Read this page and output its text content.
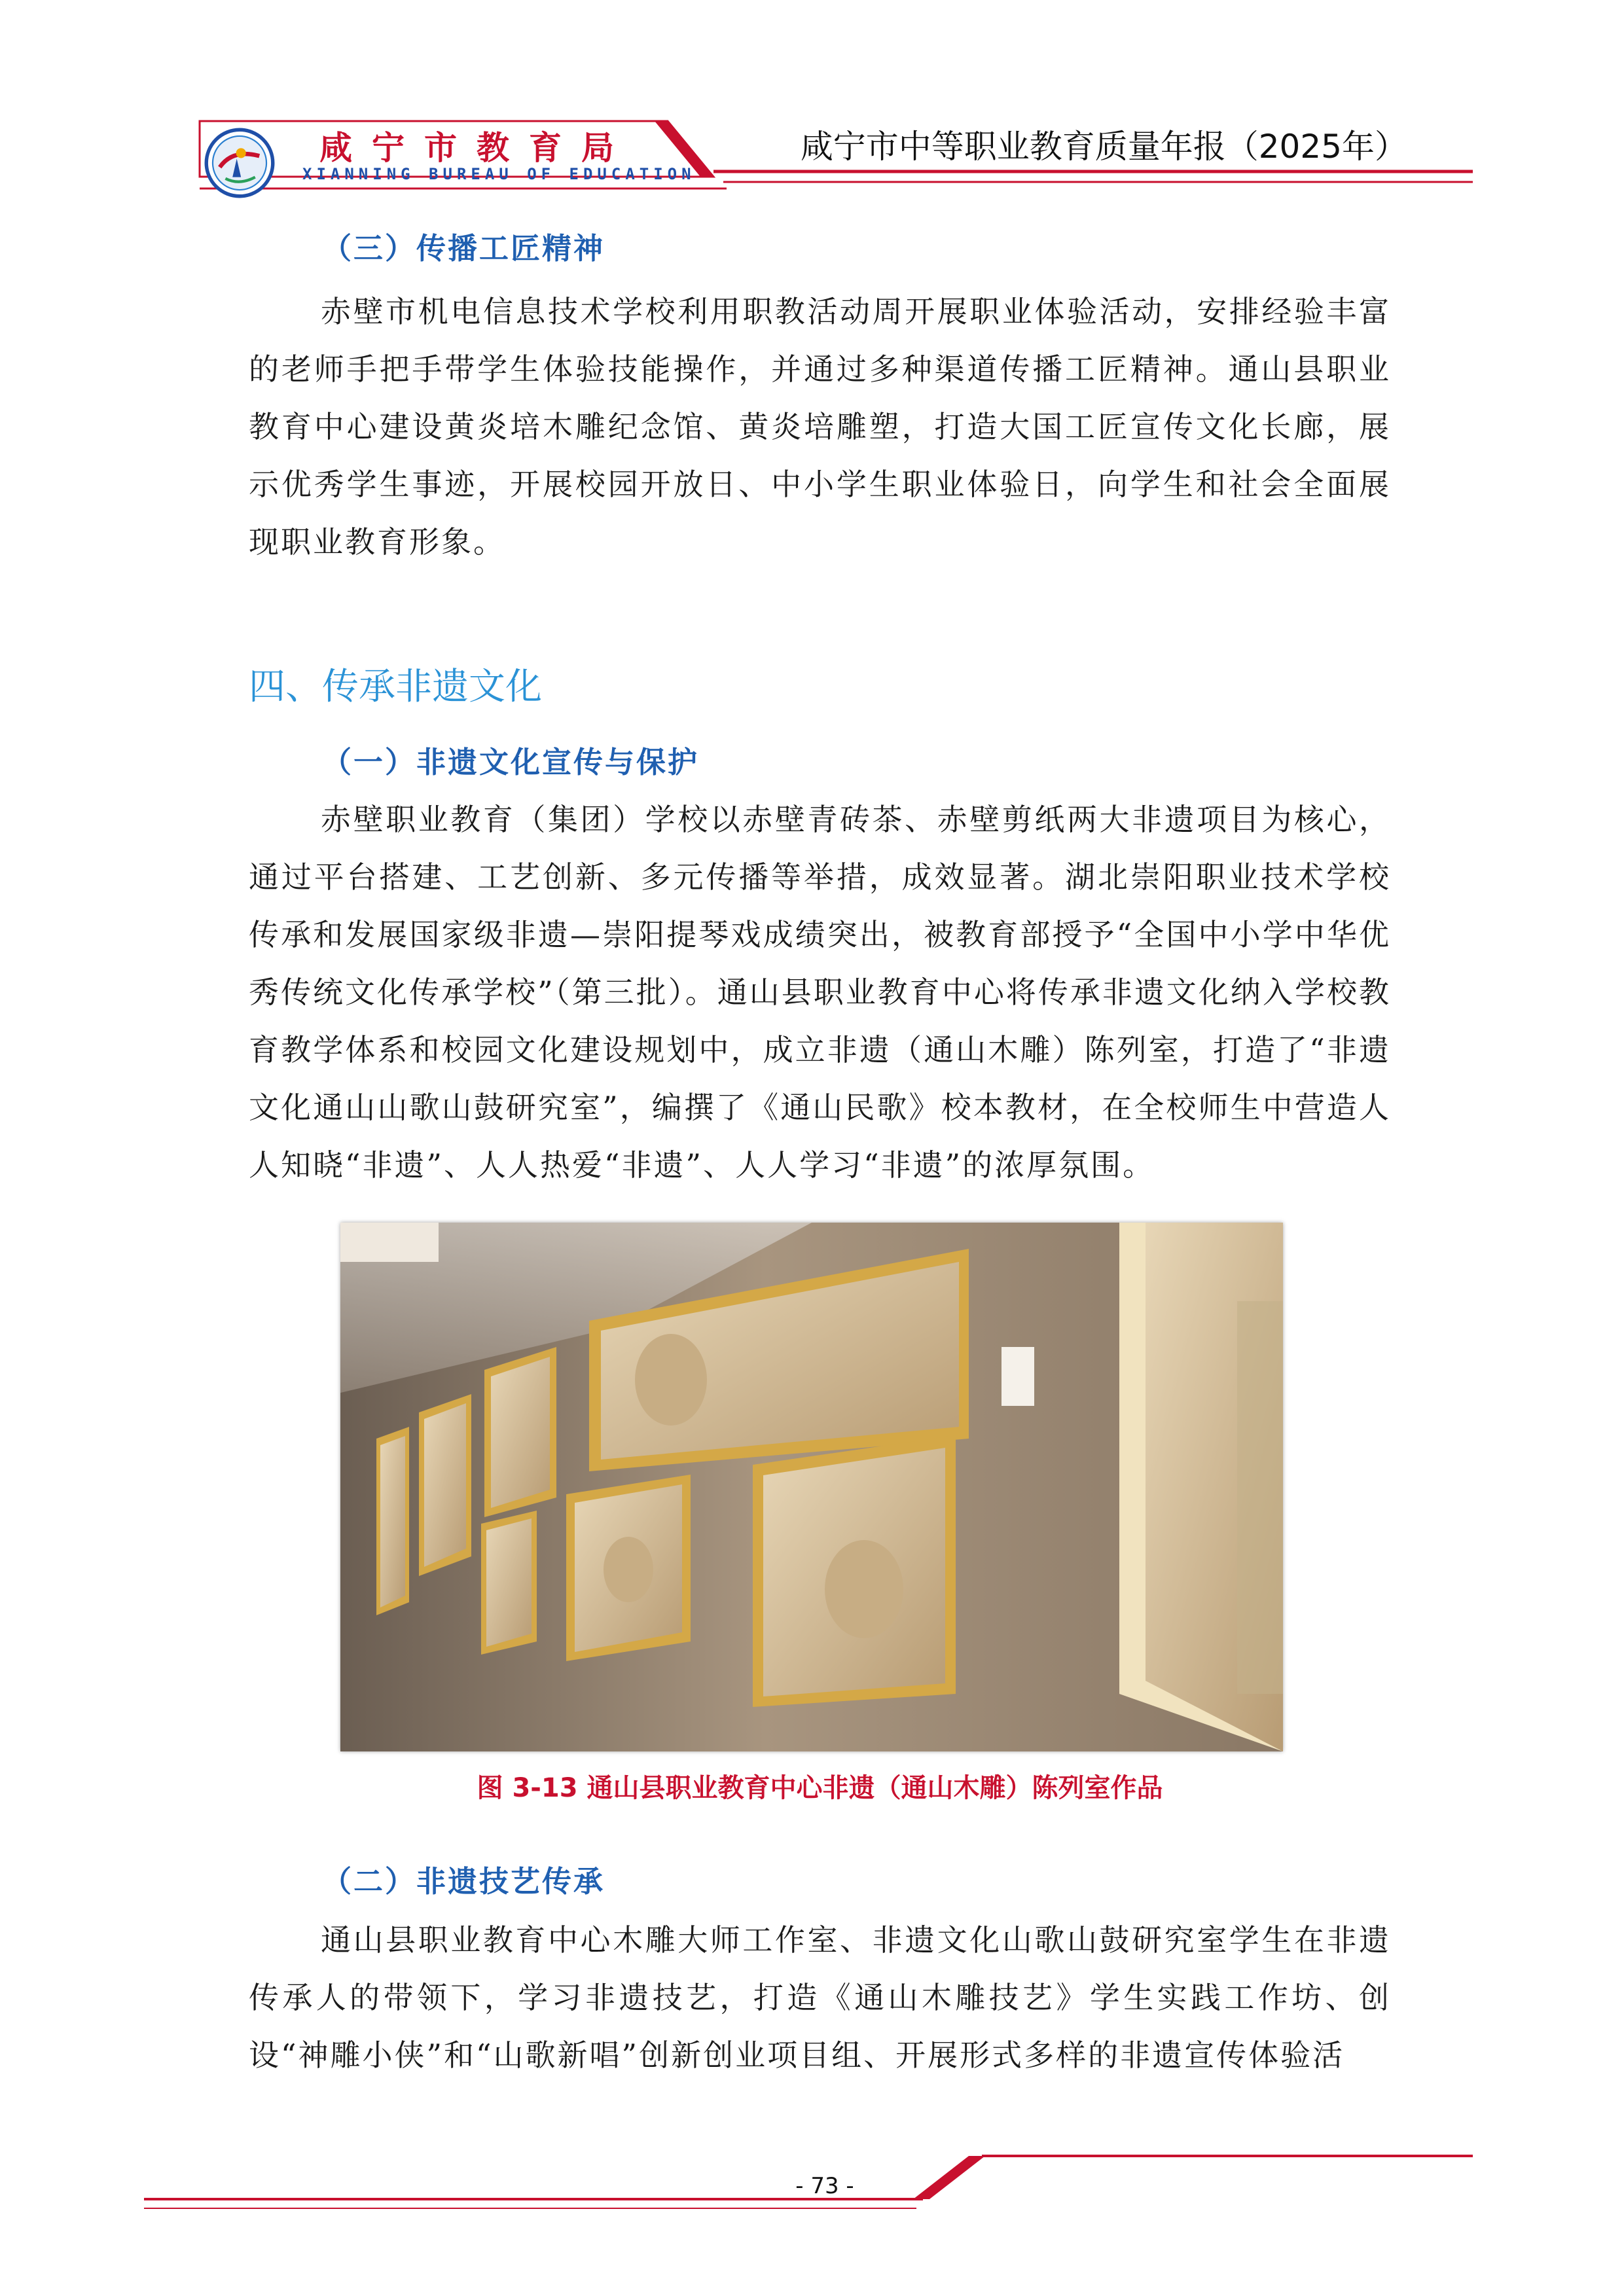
咸宁市教育局
XIANNING BUREAU OF EDUCATION
咸宁市中等职业教育质量年报（2025年）
（三）传播工匠精神

赤壁市机电信息技术学校利用职教活动周开展职业体验活动，安排经验丰富的老师手把手带学生体验技能操作，并通过多种渠道传播工匠精神。通山县职业教育中心建设黄炎培木雕纪念馆、黄炎培雕塑，打造大国工匠宣传文化长廊，展示优秀学生事迹，开展校园开放日、中小学生职业体验日，向学生和社会全面展现职业教育形象。

四、传承非遗文化
（一）非遗文化宣传与保护

赤壁职业教育（集团）学校以赤壁青砖茶、赤壁剪纸两大非遗项目为核心，通过平台搭建、工艺创新、多元传播等举措，成效显著。湖北崇阳职业技术学校传承和发展国家级非遗—崇阳提琴戏成绩突出，被教育部授予“全国中小学中华优秀传统文化传承学校”（第三批）。通山县职业教育中心将传承非遗文化纳入学校教育教学体系和校园文化建设规划中，成立非遗（通山木雕）陈列室，打造了“非遗文化通山山歌山鼓研究室”，编撰了《通山民歌》校本教材，在全校师生中营造人人知晓“非遗”、人人热爱“非遗”、人人学习“非遗”的浓厚氛围。

图 3-13 通山县职业教育中心非遗（通山木雕）陈列室作品
（二）非遗技艺传承

通山县职业教育中心木雕大师工作室、非遗文化山歌山鼓研究室学生在非遗传承人的带领下，学习非遗技艺，打造《通山木雕技艺》学生实践工作坊、创设“神雕小侠”和“山歌新唱”创新创业项目组、开展形式多样的非遗宣传体验活

- 73 -
